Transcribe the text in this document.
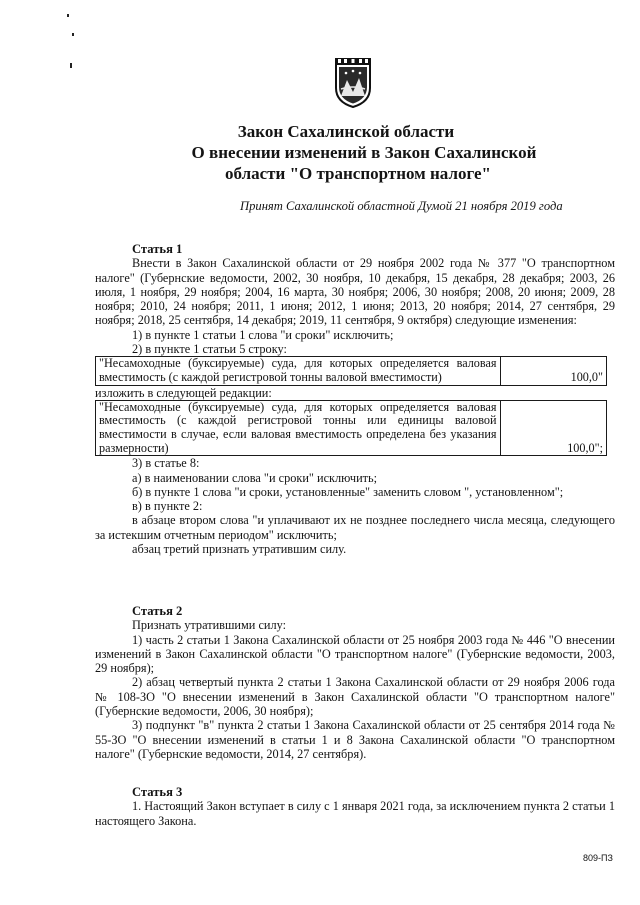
Закон Сахалинской области
О внесении изменений в Закон Сахалинской
области "О транспортном налоге"
Принят Сахалинской областной Думой 21 ноября 2019 года

Статья 1

Внести в Закон Сахалинской области от 29 ноября 2002 года № 377 "О транспортном налоге" (Губернские ведомости, 2002, 30 ноября, 10 декабря, 15 декабря, 28 декабря; 2003, 26 июля, 1 ноября, 29 ноября; 2004, 16 марта, 30 ноября; 2006, 30 ноября; 2008, 20 июня; 2009, 28 ноября; 2010, 24 ноября; 2011, 1 июня; 2012, 1 июня; 2013, 20 ноября; 2014, 27 сентября, 29 ноября; 2018, 25 сентября, 14 декабря; 2019, 11 сентября, 9 октября) следующие изменения:

1) в пункте 1 статьи 1 слова "и сроки" исключить;

2) в пункте 1 статьи 5 строку:

"Несамоходные (буксируемые) суда, для которых определяется валовая вместимость (с каждой регистровой тонны валовой вместимости)	100,0"

изложить в следующей редакции:

"Несамоходные (буксируемые) суда, для которых определяется валовая вместимость (с каждой регистровой тонны или единицы валовой вместимости в случае, если валовая вместимость определена без указания размерности)	100,0";

3) в статье 8:

а) в наименовании слова "и сроки" исключить;

б) в пункте 1 слова "и сроки, установленные" заменить словом ", установленном";

в) в пункте 2:

в абзаце втором слова "и уплачивают их не позднее последнего числа месяца, следующего за истекшим отчетным периодом" исключить;

абзац третий признать утратившим силу.

Статья 2

Признать утратившими силу:

1) часть 2 статьи 1 Закона Сахалинской области от 25 ноября 2003 года № 446 "О внесении изменений в Закон Сахалинской области "О транспортном налоге" (Губернские ведомости, 2003, 29 ноября);

2) абзац четвертый пункта 2 статьи 1 Закона Сахалинской области от 29 ноября 2006 года № 108-ЗО "О внесении изменений в Закон Сахалинской области "О транспортном налоге" (Губернские ведомости, 2006, 30 ноября);

3) подпункт "в" пункта 2 статьи 1 Закона Сахалинской области от 25 сентября 2014 года № 55-ЗО "О внесении изменений в статьи 1 и 8 Закона Сахалинской области "О транспортном налоге" (Губернские ведомости, 2014, 27 сентября).

Статья 3

1. Настоящий Закон вступает в силу с 1 января 2021 года, за исключением пункта 2 статьи 1 настоящего Закона.

809-ПЗ
